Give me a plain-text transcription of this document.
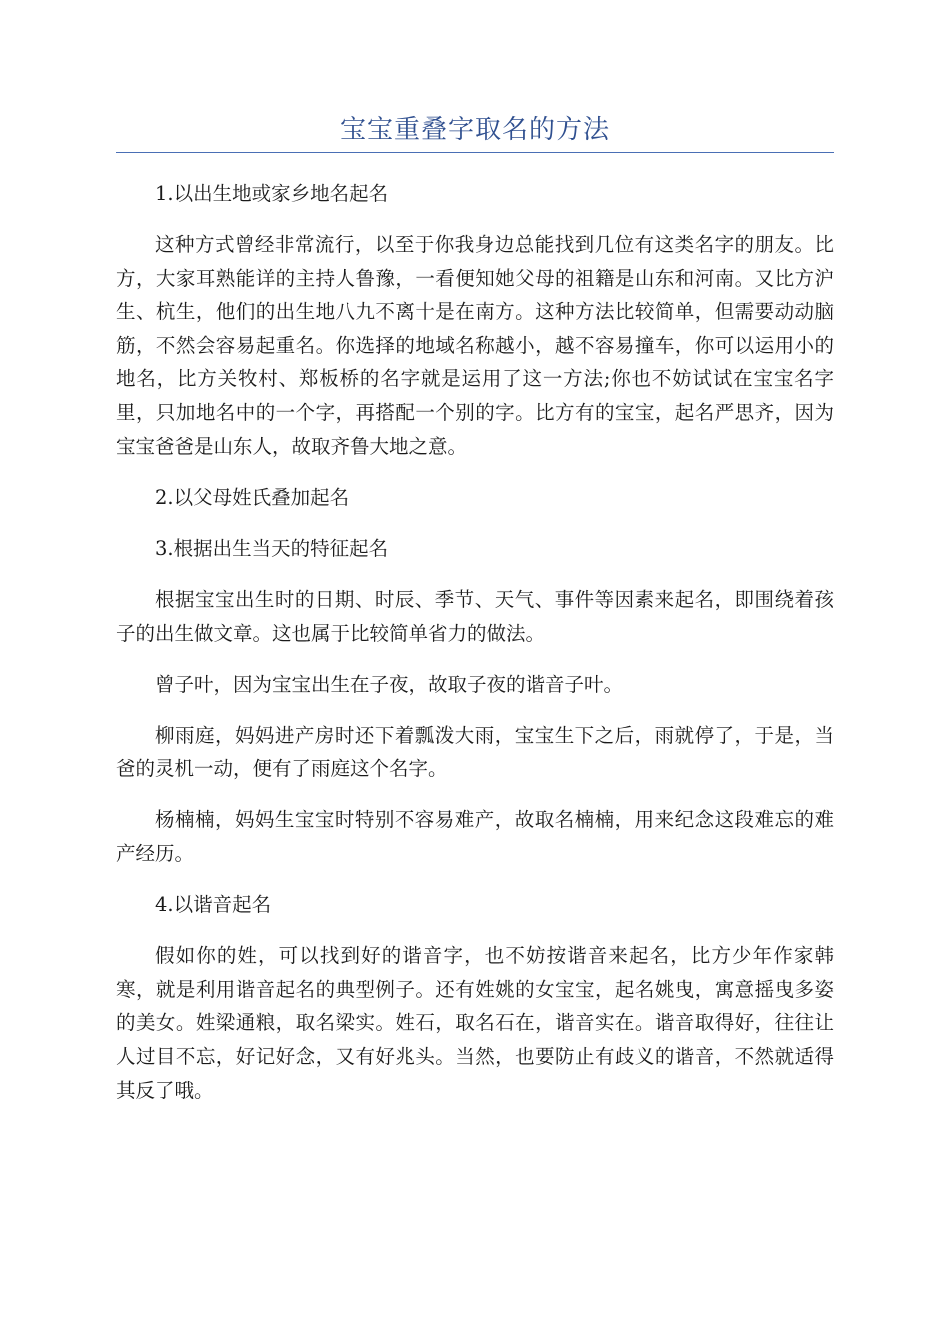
宝宝重叠字取名的方法

1.以出生地或家乡地名起名

这种方式曾经非常流行，以至于你我身边总能找到几位有这类名字的朋友。比方，大家耳熟能详的主持人鲁豫，一看便知她父母的祖籍是山东和河南。又比方沪生、杭生，他们的出生地八九不离十是在南方。这种方法比较简单，但需要动动脑筋，不然会容易起重名。你选择的地域名称越小，越不容易撞车，你可以运用小的地名，比方关牧村、郑板桥的名字就是运用了这一方法;你也不妨试试在宝宝名字里，只加地名中的一个字，再搭配一个别的字。比方有的宝宝，起名严思齐，因为宝宝爸爸是山东人，故取齐鲁大地之意。

2.以父母姓氏叠加起名

3.根据出生当天的特征起名

根据宝宝出生时的日期、时辰、季节、天气、事件等因素来起名，即围绕着孩子的出生做文章。这也属于比较简单省力的做法。

曾子叶，因为宝宝出生在子夜，故取子夜的谐音子叶。

柳雨庭，妈妈进产房时还下着瓢泼大雨，宝宝生下之后，雨就停了，于是，当爸的灵机一动，便有了雨庭这个名字。

杨楠楠，妈妈生宝宝时特别不容易难产，故取名楠楠，用来纪念这段难忘的难产经历。

4.以谐音起名

假如你的姓，可以找到好的谐音字，也不妨按谐音来起名，比方少年作家韩寒，就是利用谐音起名的典型例子。还有姓姚的女宝宝，起名姚曳，寓意摇曳多姿的美女。姓梁通粮，取名梁实。姓石，取名石在，谐音实在。谐音取得好，往往让人过目不忘，好记好念，又有好兆头。当然，也要防止有歧义的谐音，不然就适得其反了哦。
